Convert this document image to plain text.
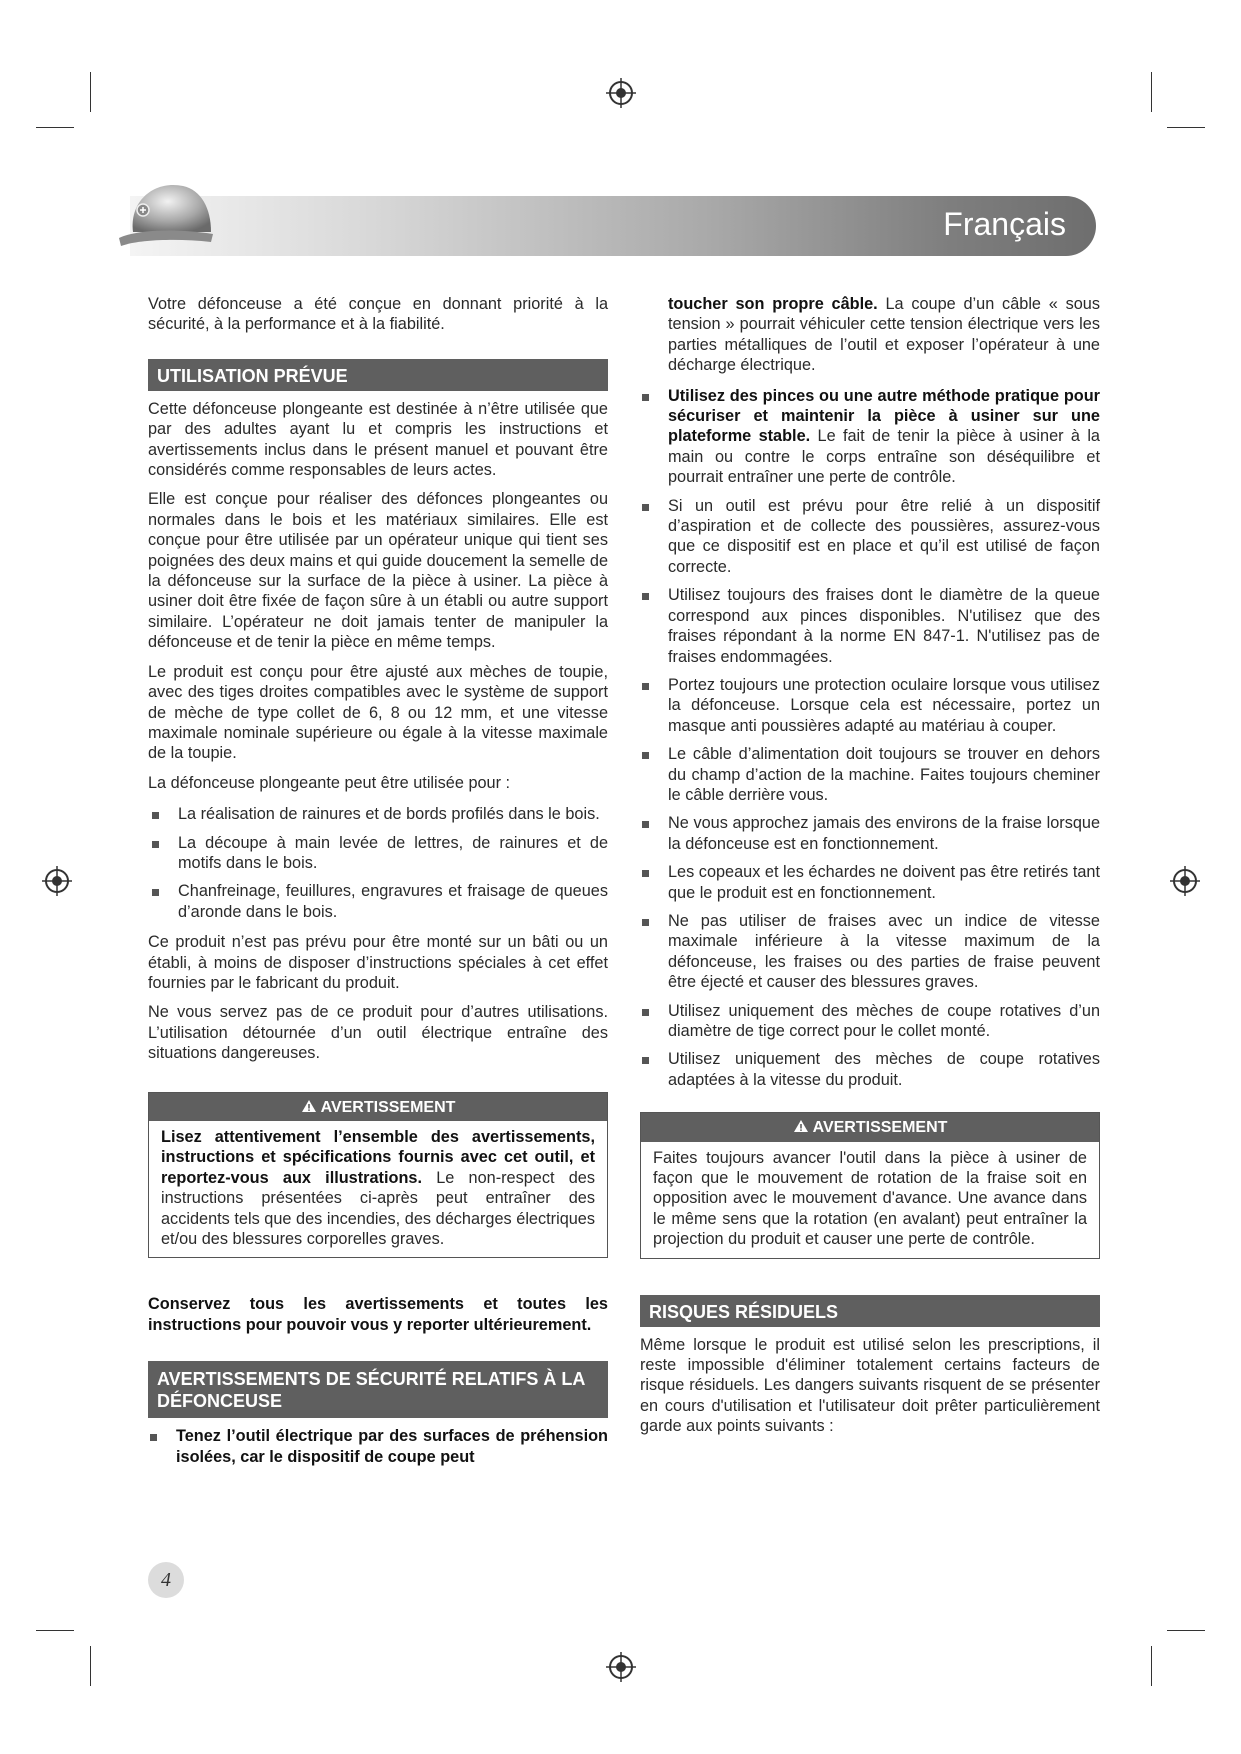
Français

Votre défonceuse a été conçue en donnant priorité à la sécurité, à la performance et à la fiabilité.

UTILISATION PRÉVUE

Cette défonceuse plongeante est destinée à n’être utilisée que par des adultes ayant lu et compris les instructions et avertissements inclus dans le présent manuel et pouvant être considérés comme responsables de leurs actes.

Elle est conçue pour réaliser des défonces plongeantes ou normales dans le bois et les matériaux similaires. Elle est conçue pour être utilisée par un opérateur unique qui tient ses poignées des deux mains et qui guide doucement la semelle de la défonceuse sur la surface de la pièce à usiner. La pièce à usiner doit être fixée de façon sûre à un établi ou autre support similaire. L’opérateur ne doit jamais tenter de manipuler la défonceuse et de tenir la pièce en même temps.

Le produit est conçu pour être ajusté aux mèches de toupie, avec des tiges droites compatibles avec le système de support de mèche de type collet de 6, 8 ou 12 mm, et une vitesse maximale nominale supérieure ou égale à la vitesse maximale de la toupie.

La défonceuse plongeante peut être utilisée pour :

La réalisation de rainures et de bords profilés dans le bois.
La découpe à main levée de lettres, de rainures et de motifs dans le bois.
Chanfreinage, feuillures, engravures et fraisage de queues d’aronde dans le bois.

Ce produit n’est pas prévu pour être monté sur un bâti ou un établi, à moins de disposer d’instructions spéciales à cet effet fournies par le fabricant du produit.

Ne vous servez pas de ce produit pour d’autres utilisations. L’utilisation détournée d’un outil électrique entraîne des situations dangereuses.

AVERTISSEMENT
Lisez attentivement l’ensemble des avertissements, instructions et spécifications fournis avec cet outil, et reportez-vous aux illustrations. Le non-respect des instructions présentées ci-après peut entraîner des accidents tels que des incendies, des décharges électriques et/ou des blessures corporelles graves.

Conservez tous les avertissements et toutes les instructions pour pouvoir vous y reporter ultérieurement.

AVERTISSEMENTS DE SÉCURITÉ RELATIFS À LA DÉFONCEUSE
Tenez l’outil électrique par des surfaces de préhension isolées, car le dispositif de coupe peut

toucher son propre câble. La coupe d’un câble « sous tension » pourrait véhiculer cette tension électrique vers les parties métalliques de l’outil et exposer l’opérateur à une décharge électrique.

Utilisez des pinces ou une autre méthode pratique pour sécuriser et maintenir la pièce à usiner sur une plateforme stable. Le fait de tenir la pièce à usiner à la main ou contre le corps entraîne son déséquilibre et pourrait entraîner une perte de contrôle.
Si un outil est prévu pour être relié à un dispositif d’aspiration et de collecte des poussières, assurez-vous que ce dispositif est en place et qu’il est utilisé de façon correcte.
Utilisez toujours des fraises dont le diamètre de la queue correspond aux pinces disponibles. N'utilisez que des fraises répondant à la norme EN 847-1. N'utilisez pas de fraises endommagées.
Portez toujours une protection oculaire lorsque vous utilisez la défonceuse. Lorsque cela est nécessaire, portez un masque anti poussières adapté au matériau à couper.
Le câble d’alimentation doit toujours se trouver en dehors du champ d’action de la machine. Faites toujours cheminer le câble derrière vous.
Ne vous approchez jamais des environs de la fraise lorsque la défonceuse est en fonctionnement.
Les copeaux et les échardes ne doivent pas être retirés tant que le produit est en fonctionnement.
Ne pas utiliser de fraises avec un indice de vitesse maximale inférieure à la vitesse maximum de la défonceuse, les fraises ou des parties de fraise peuvent être éjecté et causer des blessures graves.
Utilisez uniquement des mèches de coupe rotatives d’un diamètre de tige correct pour le collet monté.
Utilisez uniquement des mèches de coupe rotatives adaptées à la vitesse du produit.
AVERTISSEMENT
Faites toujours avancer l'outil dans la pièce à usiner de façon que le mouvement de rotation de la fraise soit en opposition avec le mouvement d'avance. Une avance dans le même sens que la rotation (en avalant) peut entraîner la projection du produit et causer une perte de contrôle.
RISQUES RÉSIDUELS

Même lorsque le produit est utilisé selon les prescriptions, il reste impossible d'éliminer totalement certains facteurs de risque résiduels. Les dangers suivants risquent de se présenter en cours d'utilisation et l'utilisateur doit prêter particulièrement garde aux points suivants :

4
